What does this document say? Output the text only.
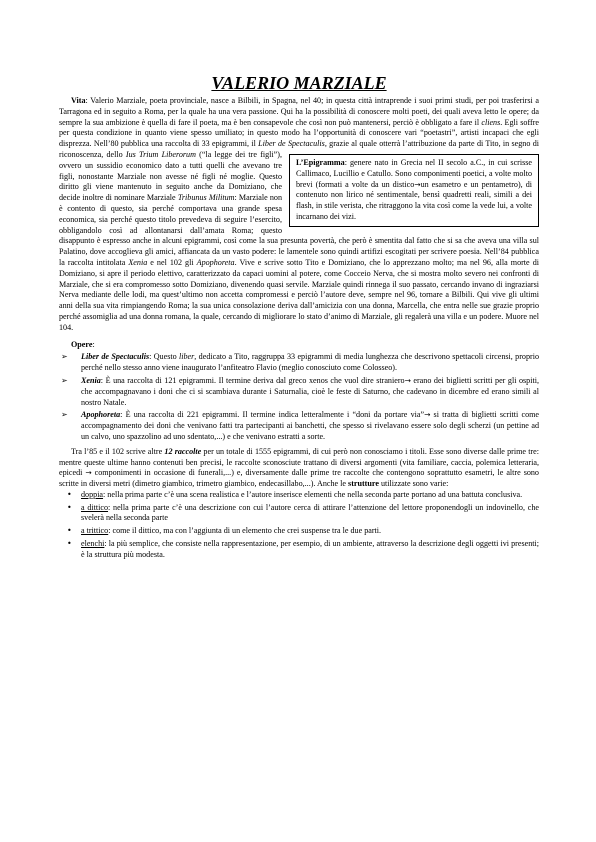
VALERIO MARZIALE

Vita: Valerio Marziale, poeta provinciale, nasce a Bilbili, in Spagna, nel 40; in questa città intraprende i suoi primi studi, per poi trasferirsi a Tarragona ed in seguito a Roma, per la quale ha una vera passione. Qui ha la possibilità di conoscere molti poeti, dei quali aveva letto le opere; da sempre la sua ambizione è quella di fare il poeta, ma è ben consapevole che così non può mantenersi, perciò è obbligato a fare il cliens. Egli soffre per questa condizione in quanto viene spesso umiliato; in questo modo ha l’opportunità di conoscere vari “poetastri”, artisti incapaci che egli disprezza. Nell’80 pubblica una raccolta di 33 epigrammi, il Liber de Spectaculis, grazie al quale otterrà l’attribuzione da parte di Tito, in segno di riconoscenza, dello
L’Epigramma: genere nato in Grecia nel II secolo a.C., in cui scrisse Callimaco, Lucillio e Catullo. Sono componimenti poetici, a volte molto brevi (formati a volte da un distico→un esametro e un pentametro), di contenuto non lirico né sentimentale, bensì quadretti reali, simili a dei flash, in stile verista, che ritraggono la vita così come la vede lui, a volte incarnano dei vizi.
Ius Trium Liberorum (“la legge dei tre figli”), ovvero un sussidio economico dato a tutti quelli che avevano tre figli, nonostante Marziale non avesse né figli né moglie. Questo diritto gli viene mantenuto in seguito anche da Domiziano, che decide inoltre di nominare Marziale Tribunus Militum: Marziale non è contento di questo, sia perché comportava una grande spesa economica, sia perché questo titolo prevedeva di seguire l’esercito, obbligandolo così ad allontanarsi dall’amata Roma; questo disappunto è espresso anche in alcuni epigrammi, così come la sua presunta povertà, che però è smentita dal fatto che si sa che aveva una villa sul Palatino, dove accoglieva gli amici, affiancata da un vasto podere: le lamentele sono quindi artifizi escogitati per scrivere poesia. Nell’84 pubblica la raccolta intitolata Xenia e nel 102 gli Apophoreta. Vive e scrive sotto Tito e Domiziano, che lo apprezzano molto; ma nel 96, alla morte di Domiziano, si apre il periodo elettivo, caratterizzato da capaci uomini al potere, come Cocceio Nerva, che si mostra molto severo nei confronti di Marziale, che si era compromesso sotto Domiziano, divenendo quasi servile. Marziale quindi rinnega il suo passato, cercando invano di ingraziarsi Nerva mediante delle lodi, ma quest’ultimo non accetta compromessi e perciò l’autore deve, sempre nel 96, tornare a Bilbili. Qui vive gli ultimi anni della sua vita rimpiangendo Roma; la sua unica consolazione deriva dall’amicizia con una donna, Marcella, che entra nelle sue grazie proprio perché assomiglia ad una donna romana, la quale, cercando di migliorare lo stato d’animo di Marziale, gli regalerà una villa e un podere. Muore nel 104.

Opere:

➢ Liber de Spectaculis: Questo liber, dedicato a Tito, raggruppa 33 epigrammi di media lunghezza che descrivono spettacoli circensi, proprio perché nello stesso anno viene inaugurato l’anfiteatro Flavio (meglio conosciuto come Colosseo).
➢ Xenia: È una raccolta di 121 epigrammi. Il termine deriva dal greco xenos che vuol dire straniero→ erano dei biglietti scritti per gli ospiti, che accompagnavano i doni che ci si scambiava durante i Saturnalia, cioè le feste di Saturno, che cadevano in dicembre ed erano simili al nostro Natale.
➢ Apophoreta: È una raccolta di 221 epigrammi. Il termine indica letteralmente i “doni da portare via”→ si tratta di biglietti scritti come accompagnamento dei doni che venivano fatti tra partecipanti ai banchetti, che spesso si rivelavano essere solo degli scherzi (un pettine ad un calvo, uno spazzolino ad uno sdentato,...) e che venivano estratti a sorte.

Tra l’85 e il 102 scrive altre 12 raccolte per un totale di 1555 epigrammi, di cui però non conosciamo i titoli. Esse sono diverse dalle prime tre: mentre queste ultime hanno contenuti ben precisi, le raccolte sconosciute trattano di diversi argomenti (vita familiare, caccia, polemica letteraria, epicedi → componimenti in occasione di funerali,...) e, diversamente dalle prime tre raccolte che contengono soprattutto esametri, le altre sono scritte in diversi metri (dimetro giambico, trimetro giambico, endecasillabo,...). Anche le strutture utilizzate sono varie:

• doppia: nella prima parte c’è una scena realistica e l’autore inserisce elementi che nella seconda parte portano ad una battuta conclusiva.
• a dittico: nella prima parte c’è una descrizione con cui l’autore cerca di attirare l’attenzione del lettore proponendogli un indovinello, che svelerà nella seconda parte
• a trittico: come il dittico, ma con l’aggiunta di un elemento che crei suspense tra le due parti.
• elenchi: la più semplice, che consiste nella rappresentazione, per esempio, di un ambiente, attraverso la descrizione degli oggetti ivi presenti; è la struttura più modesta.
